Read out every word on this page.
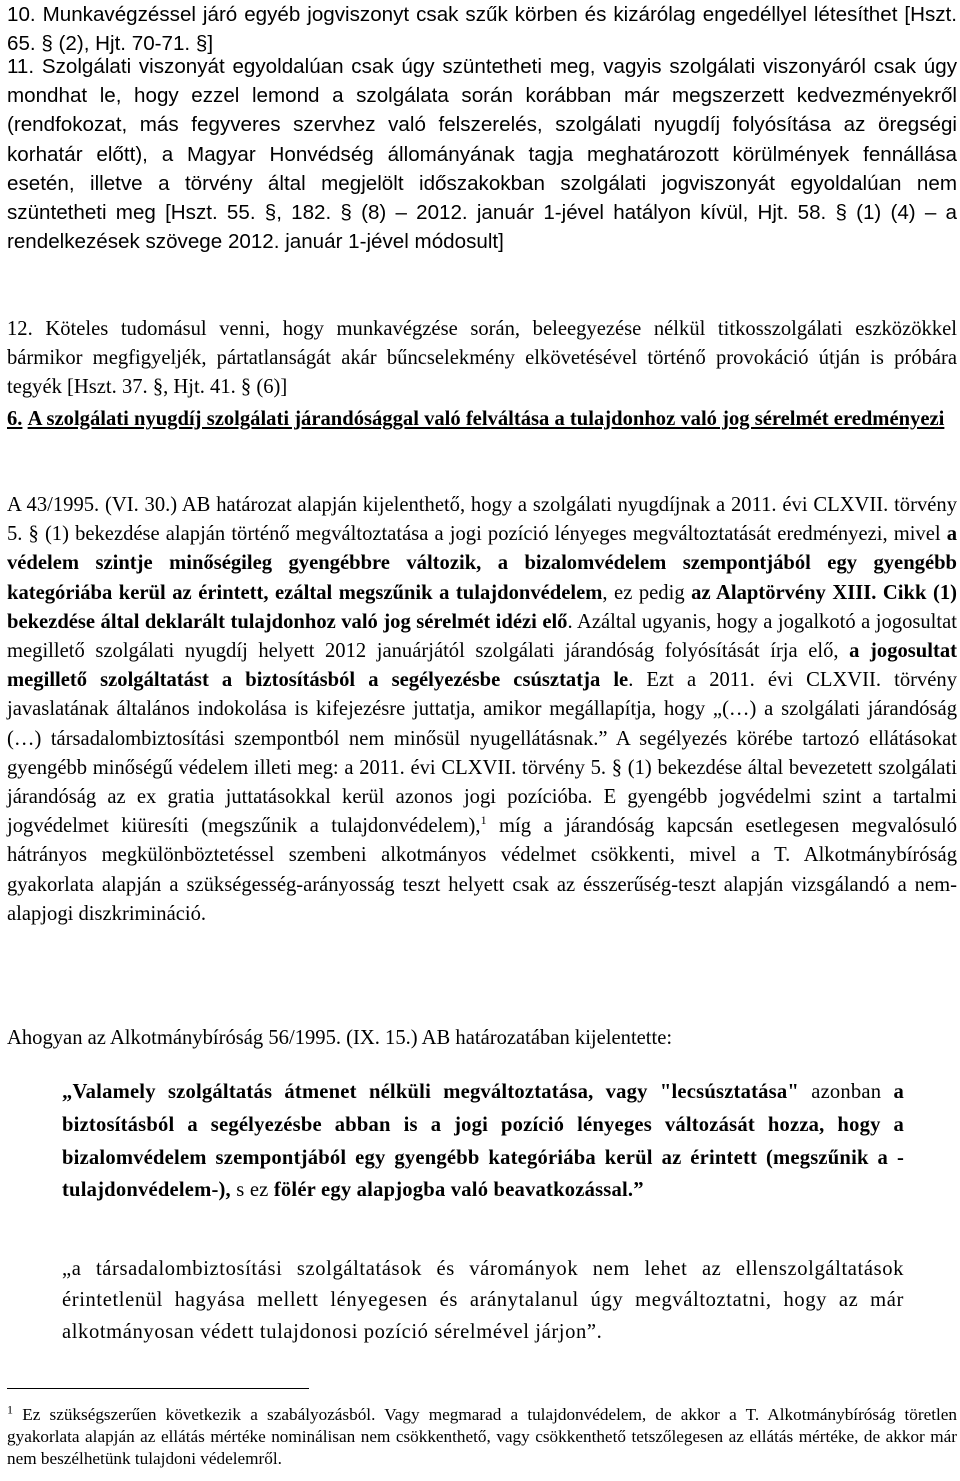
10. Munkavégzéssel járó egyéb jogviszonyt csak szűk körben és kizárólag engedéllyel létesíthet [Hszt. 65. § (2), Hjt. 70-71. §]
11. Szolgálati viszonyát egyoldalúan csak úgy szüntetheti meg, vagyis szolgálati viszonyáról csak úgy mondhat le, hogy ezzel lemond a szolgálata során korábban már megszerzett kedvezményekről (rendfokozat, más fegyveres szervhez való felszerelés, szolgálati nyugdíj folyósítása az öregségi korhatár előtt), a Magyar Honvédség állományának tagja meghatározott körülmények fennállása esetén, illetve a törvény által megjelölt időszakokban szolgálati jogviszonyát egyoldalúan nem szüntetheti meg [Hszt. 55. §, 182. § (8) – 2012. január 1-jével hatályon kívül, Hjt. 58. § (1) (4) – a rendelkezések szövege 2012. január 1-jével módosult]
12. Köteles tudomásul venni, hogy munkavégzése során, beleegyezése nélkül titkosszolgálati eszközökkel bármikor megfigyeljék, pártatlanságát akár bűncselekmény elkövetésével történő provokáció útján is próbára tegyék [Hszt. 37. §, Hjt. 41. § (6)]
6. A szolgálati nyugdíj szolgálati járandósággal való felváltása a tulajdonhoz való jog sérelmét eredményezi
A 43/1995. (VI. 30.) AB határozat alapján kijelenthető, hogy a szolgálati nyugdíjnak a 2011. évi CLXVII. törvény 5. § (1) bekezdése alapján történő megváltoztatása a jogi pozíció lényeges megváltoztatását eredményezi, mivel a védelem szintje minőségileg gyengébbre változik, a bizalomvédelem szempontjából egy gyengébb kategóriába kerül az érintett, ezáltal megszűnik a tulajdonvédelem, ez pedig az Alaptörvény XIII. Cikk (1) bekezdése által deklarált tulajdonhoz való jog sérelmét idézi elő. Azáltal ugyanis, hogy a jogalkotó a jogosultat megillető szolgálati nyugdíj helyett 2012 januárjától szolgálati járandóság folyósítását írja elő, a jogosultat megillető szolgáltatást a biztosításból a segélyezésbe csúsztatja le. Ezt a 2011. évi CLXVII. törvény javaslatának általános indokolása is kifejezésre juttatja, amikor megállapítja, hogy „(…) a szolgálati járandóság (…) társadalombiztosítási szempontból nem minősül nyugellátásnak.” A segélyezés körébe tartozó ellátásokat gyengébb minőségű védelem illeti meg: a 2011. évi CLXVII. törvény 5. § (1) bekezdése által bevezetett szolgálati járandóság az ex gratia juttatásokkal kerül azonos jogi pozícióba. E gyengébb jogvédelmi szint a tartalmi jogvédelmet kiüresíti (megszűnik a tulajdonvédelem),$^1$ míg a járandóság kapcsán esetlegesen megvalósuló hátrányos megkülönböztetéssel szembeni alkotmányos védelmet csökkenti, mivel a T. Alkotmánybíróság gyakorlata alapján a szükségesség-arányosság teszt helyett csak az ésszerűség-teszt alapján vizsgálandó a nem-alapjogi diszkrimináció.
Ahogyan az Alkotmánybíróság 56/1995. (IX. 15.) AB határozatában kijelentette:
„Valamely szolgáltatás átmenet nélküli megváltoztatása, vagy "lecsúsztatása" azonban a biztosításból a segélyezésbe abban is a jogi pozíció lényeges változását hozza, hogy a bizalomvédelem szempontjából egy gyengébb kategóriába kerül az érintett (megszűnik a - tulajdonvédelem-), s ez fölér egy alapjogba való beavatkozással.”
„a társadalombiztosítási szolgáltatások és várományok nem lehet az ellenszolgáltatások érintetlenül hagyása mellett lényegesen és aránytalanul úgy megváltoztatni, hogy az már alkotmányosan védett tulajdonosi pozíció sérelmével járjon”.
$^1$ Ez szükségszerűen következik a szabályozásból. Vagy megmarad a tulajdonvédelem, de akkor a T. Alkotmánybíróság töretlen gyakorlata alapján az ellátás mértéke nominálisan nem csökkenthető, vagy csökkenthető tetszőlegesen az ellátás mértéke, de akkor már nem beszélhetünk tulajdoni védelemről.
